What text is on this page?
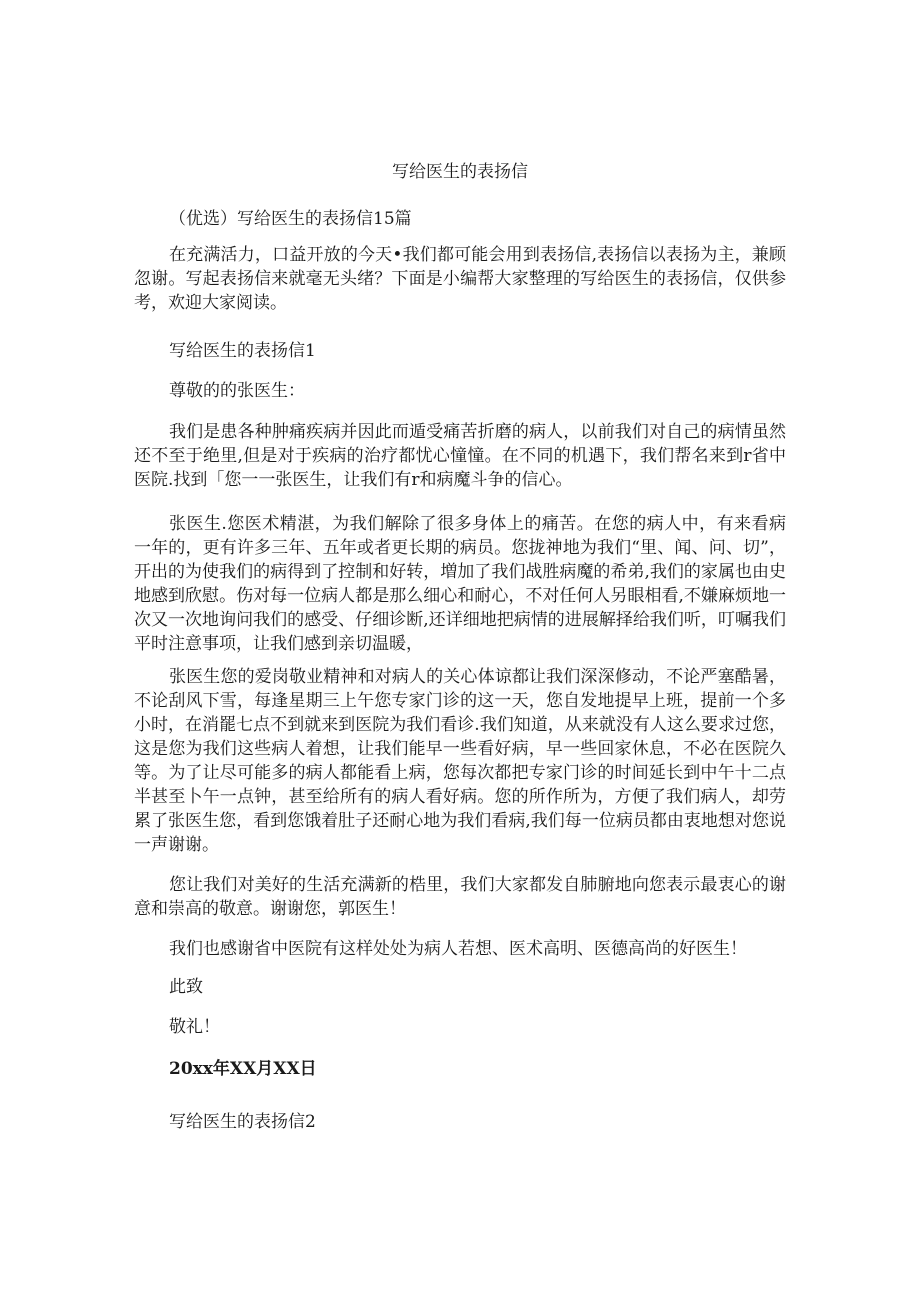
写给医生的表扬信

（优选）写给医生的表扬信15篇

在充满活力，口益开放的今天•我们都可能会用到表扬信,表扬信以表扬为主，兼顾忽谢。写起表扬信来就毫无头绪？下面是小编帮大家整理的写给医生的表扬信，仅供参考，欢迎大家阅读。

写给医生的表扬信1

尊敬的的张医生：

我们是患各种肿痛疾病并因此而遁受痛苦折磨的病人，以前我们对自己的病情虽然还不至于绝里,但是对于疾病的治疗都忧心憧憧。在不同的机遇下，我们帮名来到r省中医院.找到「您一一张医生，让我们有r和病魔斗争的信心。

张医生.您医术精湛，为我们解除了很多身体上的痛苦。在您的病人中，有来看病一年的，更有许多三年、五年或者更长期的病员。您拢神地为我们“里、闻、问、切”，开出的为使我们的病得到了控制和好转，増加了我们战胜病魔的希弟,我们的家属也由史地感到欣慰。伤对每一位病人都是那么细心和耐心，不对任何人另眼相看,不嫌麻烦地一次又一次地询问我们的感受、仔细诊断,还详细地把病情的进展解择给我们听，叮嘱我们平时注意事项，让我们感到亲切温暖，

张医生您的爱岗敬业精神和对病人的关心体谅都让我们深深修动，不论严塞酷暑，不论刮风下雪，每逢星期三上午您专家门诊的这一天，您自发地提早上班，提前一个多小时，在消罷七点不到就来到医院为我们看诊.我们知道，从来就没有人这么要求过您，这是您为我们这些病人着想，让我们能早一些看好病，早一些回家休息，不必在医院久等。为了让尽可能多的病人都能看上病，您每次都把专家门诊的时间延长到中午十二点半甚至卜午一点钟，甚至给所有的病人看好病。您的所作所为，方便了我们病人，却劳累了张医生您，看到您饿着肚子还耐心地为我们看病,我们每一位病员都由衷地想对您说一声谢谢。

您让我们对美好的生活充满新的梏里，我们大家都发自肺腑地向您表示最衷心的谢意和崇高的敬意。谢谢您，郭医生！

我们也感谢省中医院有这样处处为病人若想、医术高明、医德高尚的好医生！

此致

敬礼！

20xx年XX月XX日

写给医生的表扬信2
